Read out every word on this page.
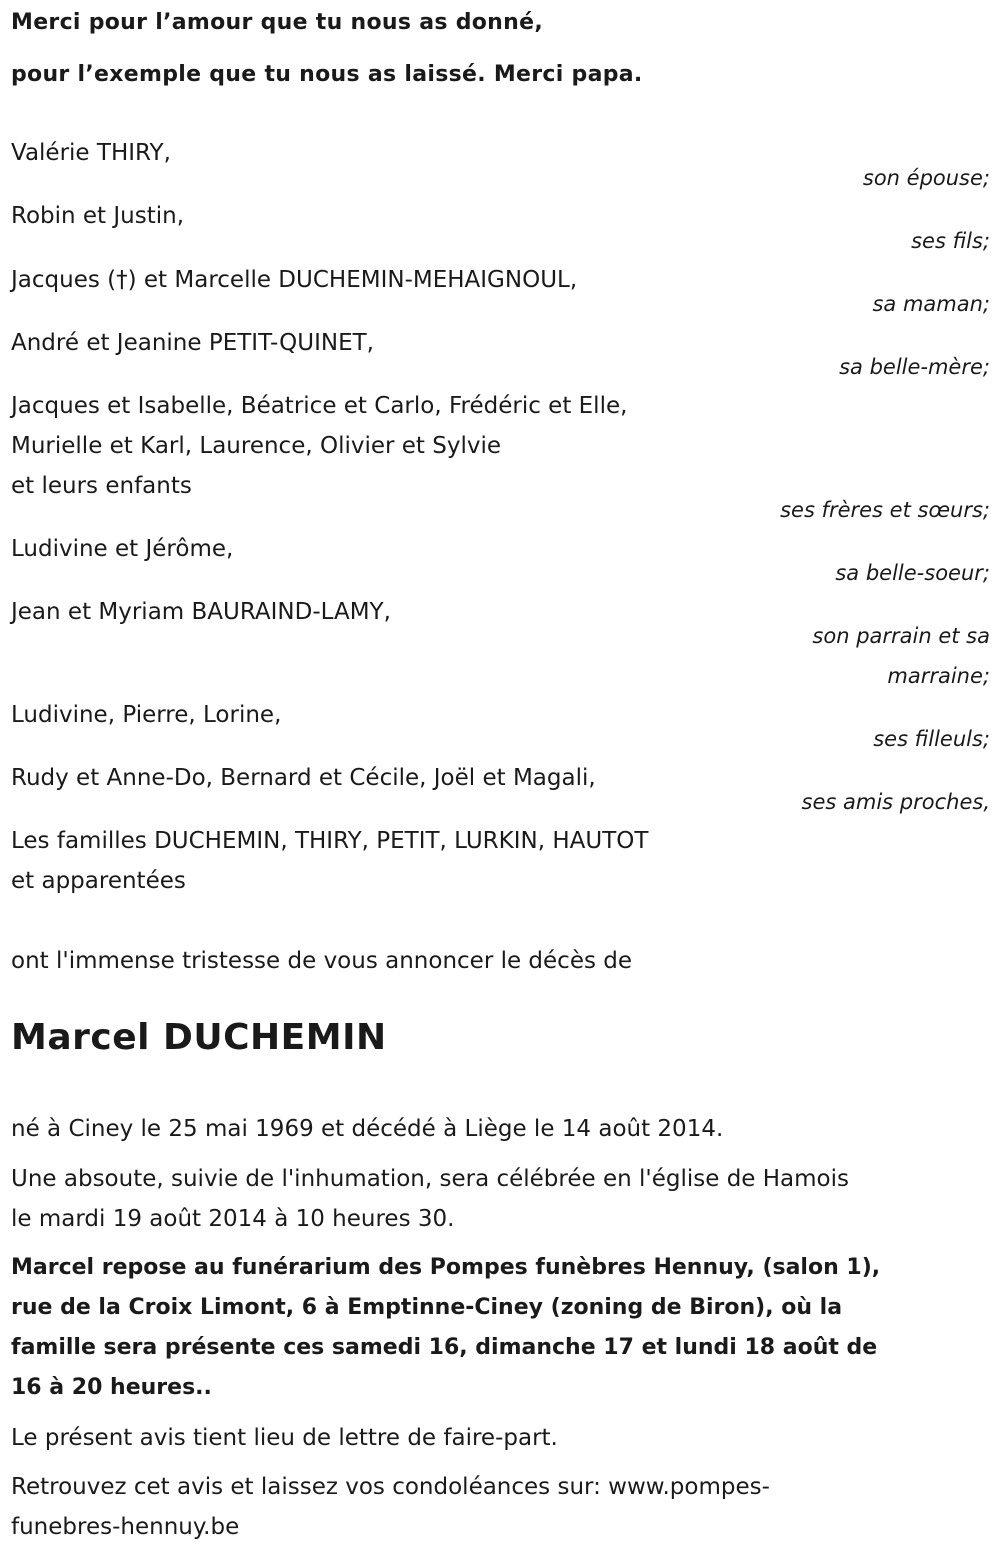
Merci pour l’amour que tu nous as donné,
pour l’exemple que tu nous as laissé. Merci papa.
Valérie THIRY,
son épouse;
Robin et Justin,
ses fils;
Jacques (†) et Marcelle DUCHEMIN-MEHAIGNOUL,
sa maman;
André et Jeanine PETIT-QUINET,
sa belle-mère;
Jacques et Isabelle, Béatrice et Carlo, Frédéric et Elle,
Murielle et Karl, Laurence, Olivier et Sylvie
et leurs enfants
ses frères et sœurs;
Ludivine et Jérôme,
sa belle-soeur;
Jean et Myriam BAURAIND-LAMY,
son parrain et sa
marraine;
Ludivine, Pierre, Lorine,
ses filleuls;
Rudy et Anne-Do, Bernard et Cécile, Joël et Magali,
ses amis proches,
Les familles DUCHEMIN, THIRY, PETIT, LURKIN, HAUTOT
et apparentées
ont l'immense tristesse de vous annoncer le décès de
Marcel DUCHEMIN
né à Ciney le 25 mai 1969 et décédé à Liège le 14 août 2014.
Une absoute, suivie de l'inhumation, sera célébrée en l'église de Hamois
le mardi 19 août 2014 à 10 heures 30.
Marcel repose au funérarium des Pompes funèbres Hennuy, (salon 1),
rue de la Croix Limont, 6 à Emptinne-Ciney (zoning de Biron), où la
famille sera présente ces samedi 16, dimanche 17 et lundi 18 août de
16 à 20 heures..
Le présent avis tient lieu de lettre de faire-part.
Retrouvez cet avis et laissez vos condoléances sur: www.pompes-
funebres-hennuy.be
